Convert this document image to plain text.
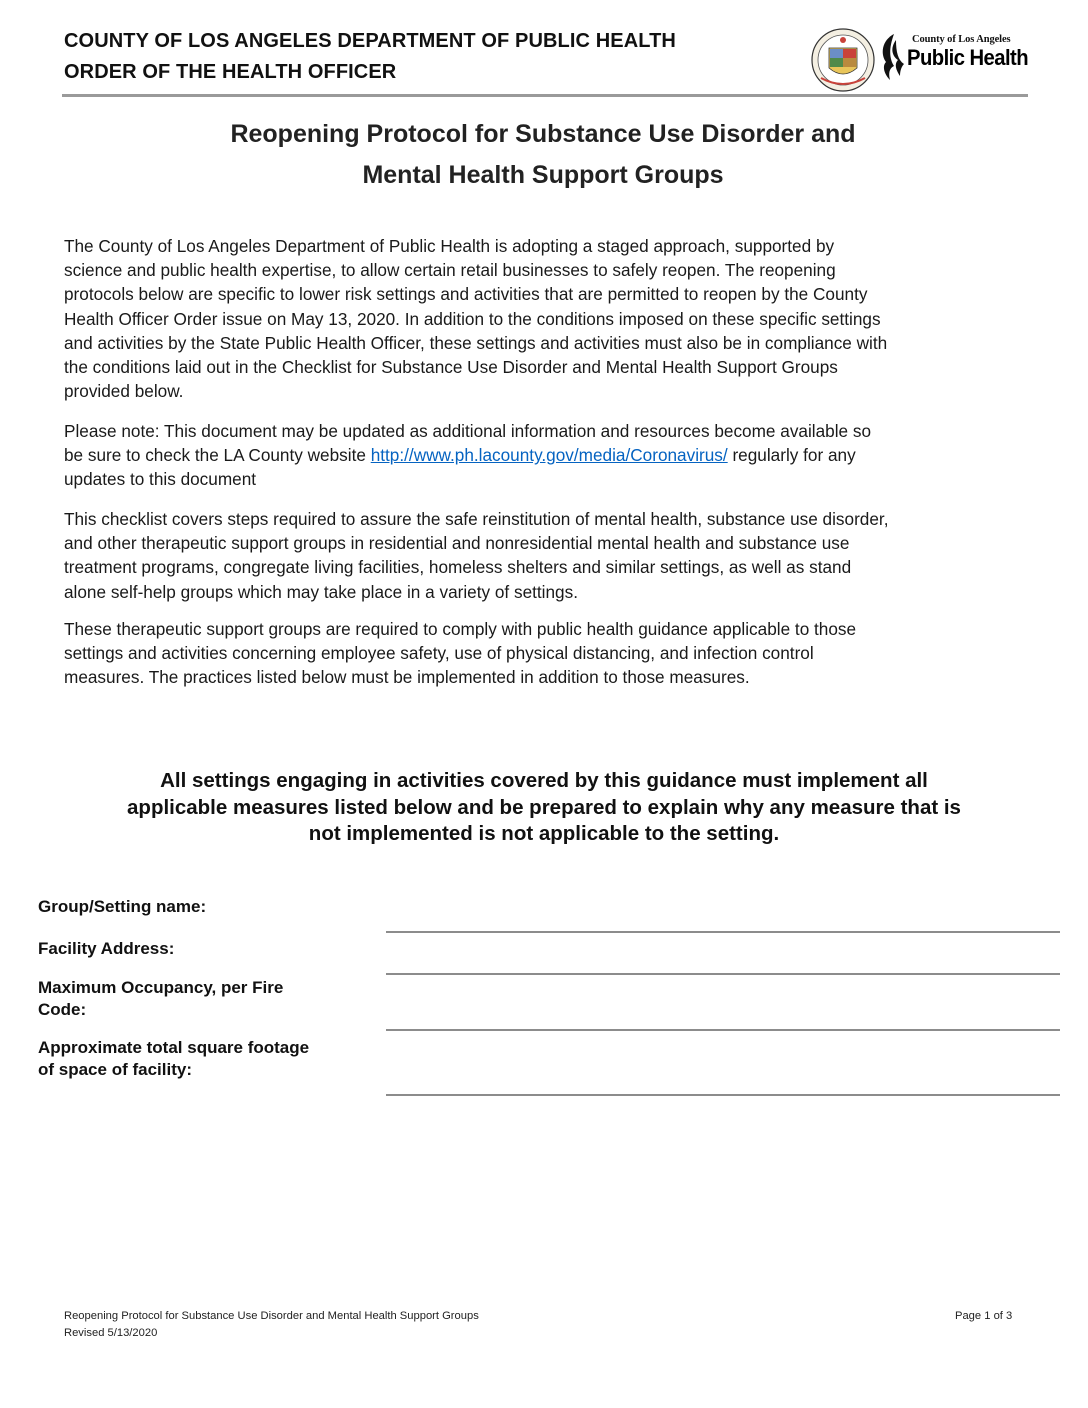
COUNTY OF LOS ANGELES DEPARTMENT OF PUBLIC HEALTH
ORDER OF THE HEALTH OFFICER
County of Los Angeles
Public Health
Reopening Protocol for Substance Use Disorder and
Mental Health Support Groups
The County of Los Angeles Department of Public Health is adopting a staged approach, supported by
science and public health expertise, to allow certain retail businesses to safely reopen. The reopening
protocols below are specific to lower risk settings and activities that are permitted to reopen by the County
Health Officer Order issue on May 13, 2020. In addition to the conditions imposed on these specific settings
and activities by the State Public Health Officer, these settings and activities must also be in compliance with
the conditions laid out in the Checklist for Substance Use Disorder and Mental Health Support Groups
provided below.
Please note: This document may be updated as additional information and resources become available so
be sure to check the LA County website http://www.ph.lacounty.gov/media/Coronavirus/ regularly for any
updates to this document
This checklist covers steps required to assure the safe reinstitution of mental health, substance use disorder,
and other therapeutic support groups in residential and nonresidential mental health and substance use
treatment programs, congregate living facilities, homeless shelters and similar settings, as well as stand
alone self-help groups which may take place in a variety of settings.
These therapeutic support groups are required to comply with public health guidance applicable to those
settings and activities concerning employee safety, use of physical distancing, and infection control
measures. The practices listed below must be implemented in addition to those measures.
All settings engaging in activities covered by this guidance must implement all
applicable measures listed below and be prepared to explain why any measure that is
not implemented is not applicable to the setting.
Group/Setting name:
Facility Address:
Maximum Occupancy, per Fire
Code:
Approximate total square footage
of space of facility:
Reopening Protocol for Substance Use Disorder and Mental Health Support Groups
Revised 5/13/2020
Page 1 of 3
